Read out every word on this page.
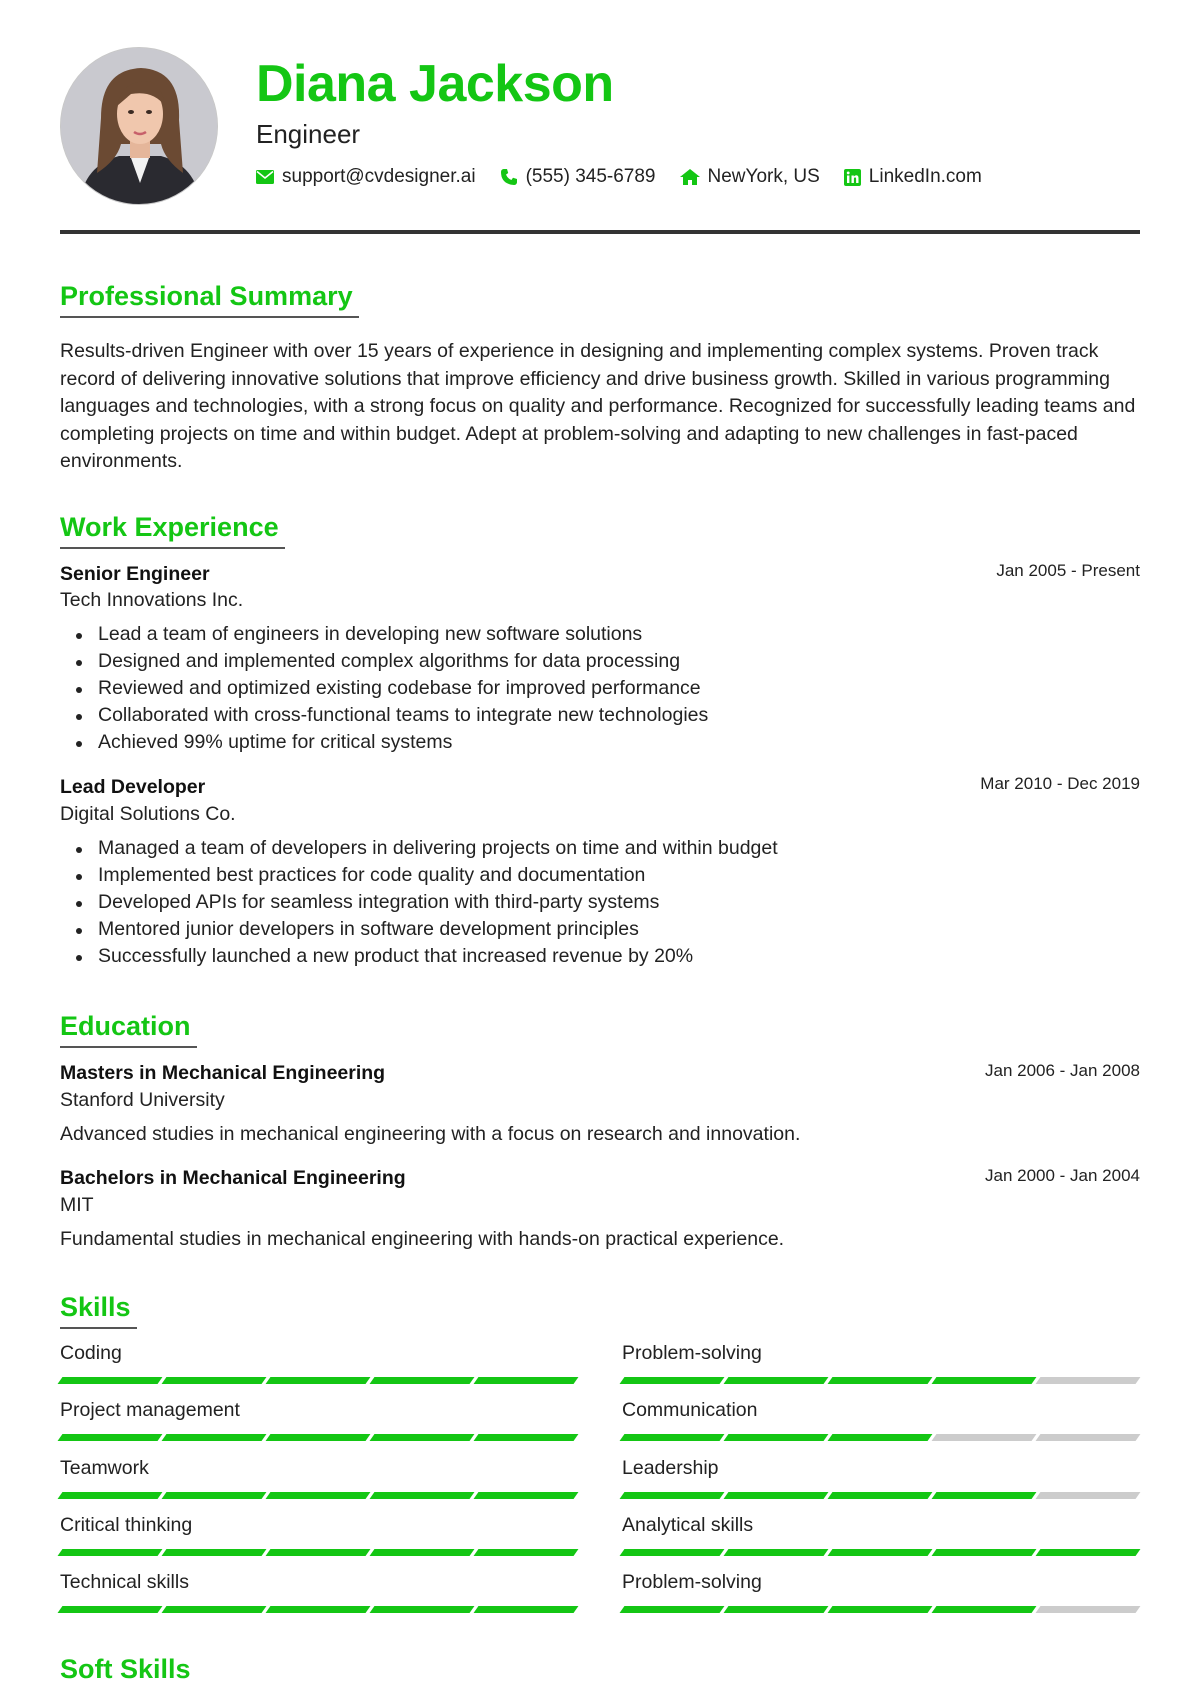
Diana Jackson
Engineer
support@cvdesigner.ai	(555) 345-6789	NewYork, US	LinkedIn.com
Professional Summary

Results-driven Engineer with over 15 years of experience in designing and implementing complex systems. Proven track record of delivering innovative solutions that improve efficiency and drive business growth. Skilled in various programming languages and technologies, with a strong focus on quality and performance. Recognized for successfully leading teams and completing projects on time and within budget. Adept at problem-solving and adapting to new challenges in fast-paced environments.

Work Experience
Senior Engineer	Jan 2005 - Present
Tech Innovations Inc.
Lead a team of engineers in developing new software solutions
Designed and implemented complex algorithms for data processing
Reviewed and optimized existing codebase for improved performance
Collaborated with cross-functional teams to integrate new technologies
Achieved 99% uptime for critical systems
Lead Developer	Mar 2010 - Dec 2019
Digital Solutions Co.
Managed a team of developers in delivering projects on time and within budget
Implemented best practices for code quality and documentation
Developed APIs for seamless integration with third-party systems
Mentored junior developers in software development principles
Successfully launched a new product that increased revenue by 20%
Education
Masters in Mechanical Engineering	Jan 2006 - Jan 2008
Stanford University
Advanced studies in mechanical engineering with a focus on research and innovation.
Bachelors in Mechanical Engineering	Jan 2000 - Jan 2004
MIT
Fundamental studies in mechanical engineering with hands-on practical experience.
Skills
Coding	Problem-solving
Project management	Communication
Teamwork	Leadership
Critical thinking	Analytical skills
Technical skills	Problem-solving
Soft Skills
